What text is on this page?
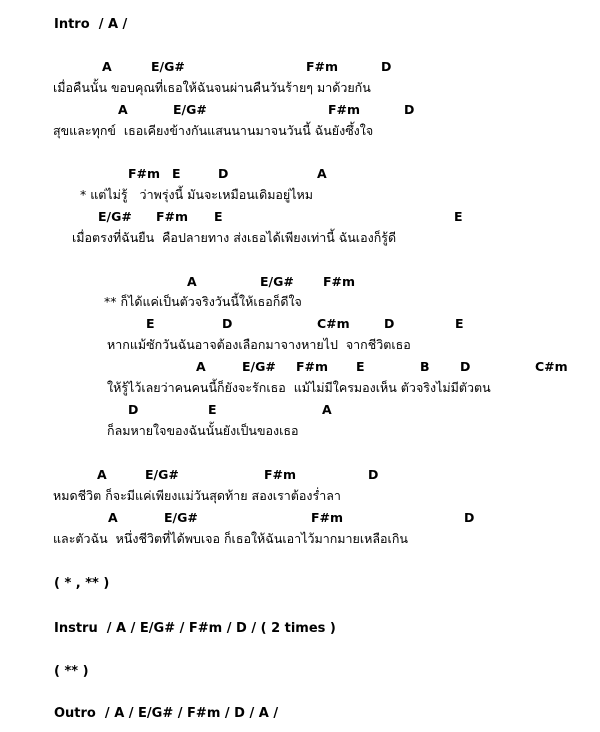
Intro  / A /
A	E/G#	F#m	D
เมื่อคืนนั้น ขอบคุณที่เธอให้ฉันจนผ่านคืนวันร้ายๆ มาด้วยกัน
A	E/G#	F#m	D
สุขและทุกข์  เธอเคียงข้างกันแสนนานมาจนวันนี้ ฉันยังซึ้งใจ
F#m E	D	A
* แต่ไม่รู้   ว่าพรุ่งนี้ มันจะเหมือนเดิมอยู่ไหม
E/G# F#m E	E
เมื่อตรงที่ฉันยืน  คือปลายทาง ส่งเธอได้เพียงเท่านี้ ฉันเองก็รู้ดี
A	E/G# F#m
** ก็ได้แค่เป็นตัวจริงวันนี้ให้เธอก็ดีใจ
E	D	C#m	D	E
หากแม้ซักวันฉันอาจต้องเลือกมาจางหายไป  จากชีวิตเธอ
A	E/G# F#m E	B D	C#m
ให้รู้ไว้เลยว่าคนคนนี้ก็ยังจะรักเธอ  แม้ไม่มีใครมองเห็น ตัวจริงไม่มีตัวตน
D	E	A
ก็ลมหายใจของฉันนั้นยังเป็นของเธอ
A	E/G#	F#m	D
หมดชีวิต ก็จะมีแค่เพียงแม่วันสุดท้าย สองเราต้องร่ำลา
A	E/G#	F#m	D
และตัวฉัน  หนึ่งชีวิตที่ได้พบเจอ ก็เธอให้ฉันเอาไว้มากมายเหลือเกิน
( * , ** )
Instru  / A / E/G# / F#m / D / ( 2 times )
( ** )
Outro  / A / E/G# / F#m / D / A /
